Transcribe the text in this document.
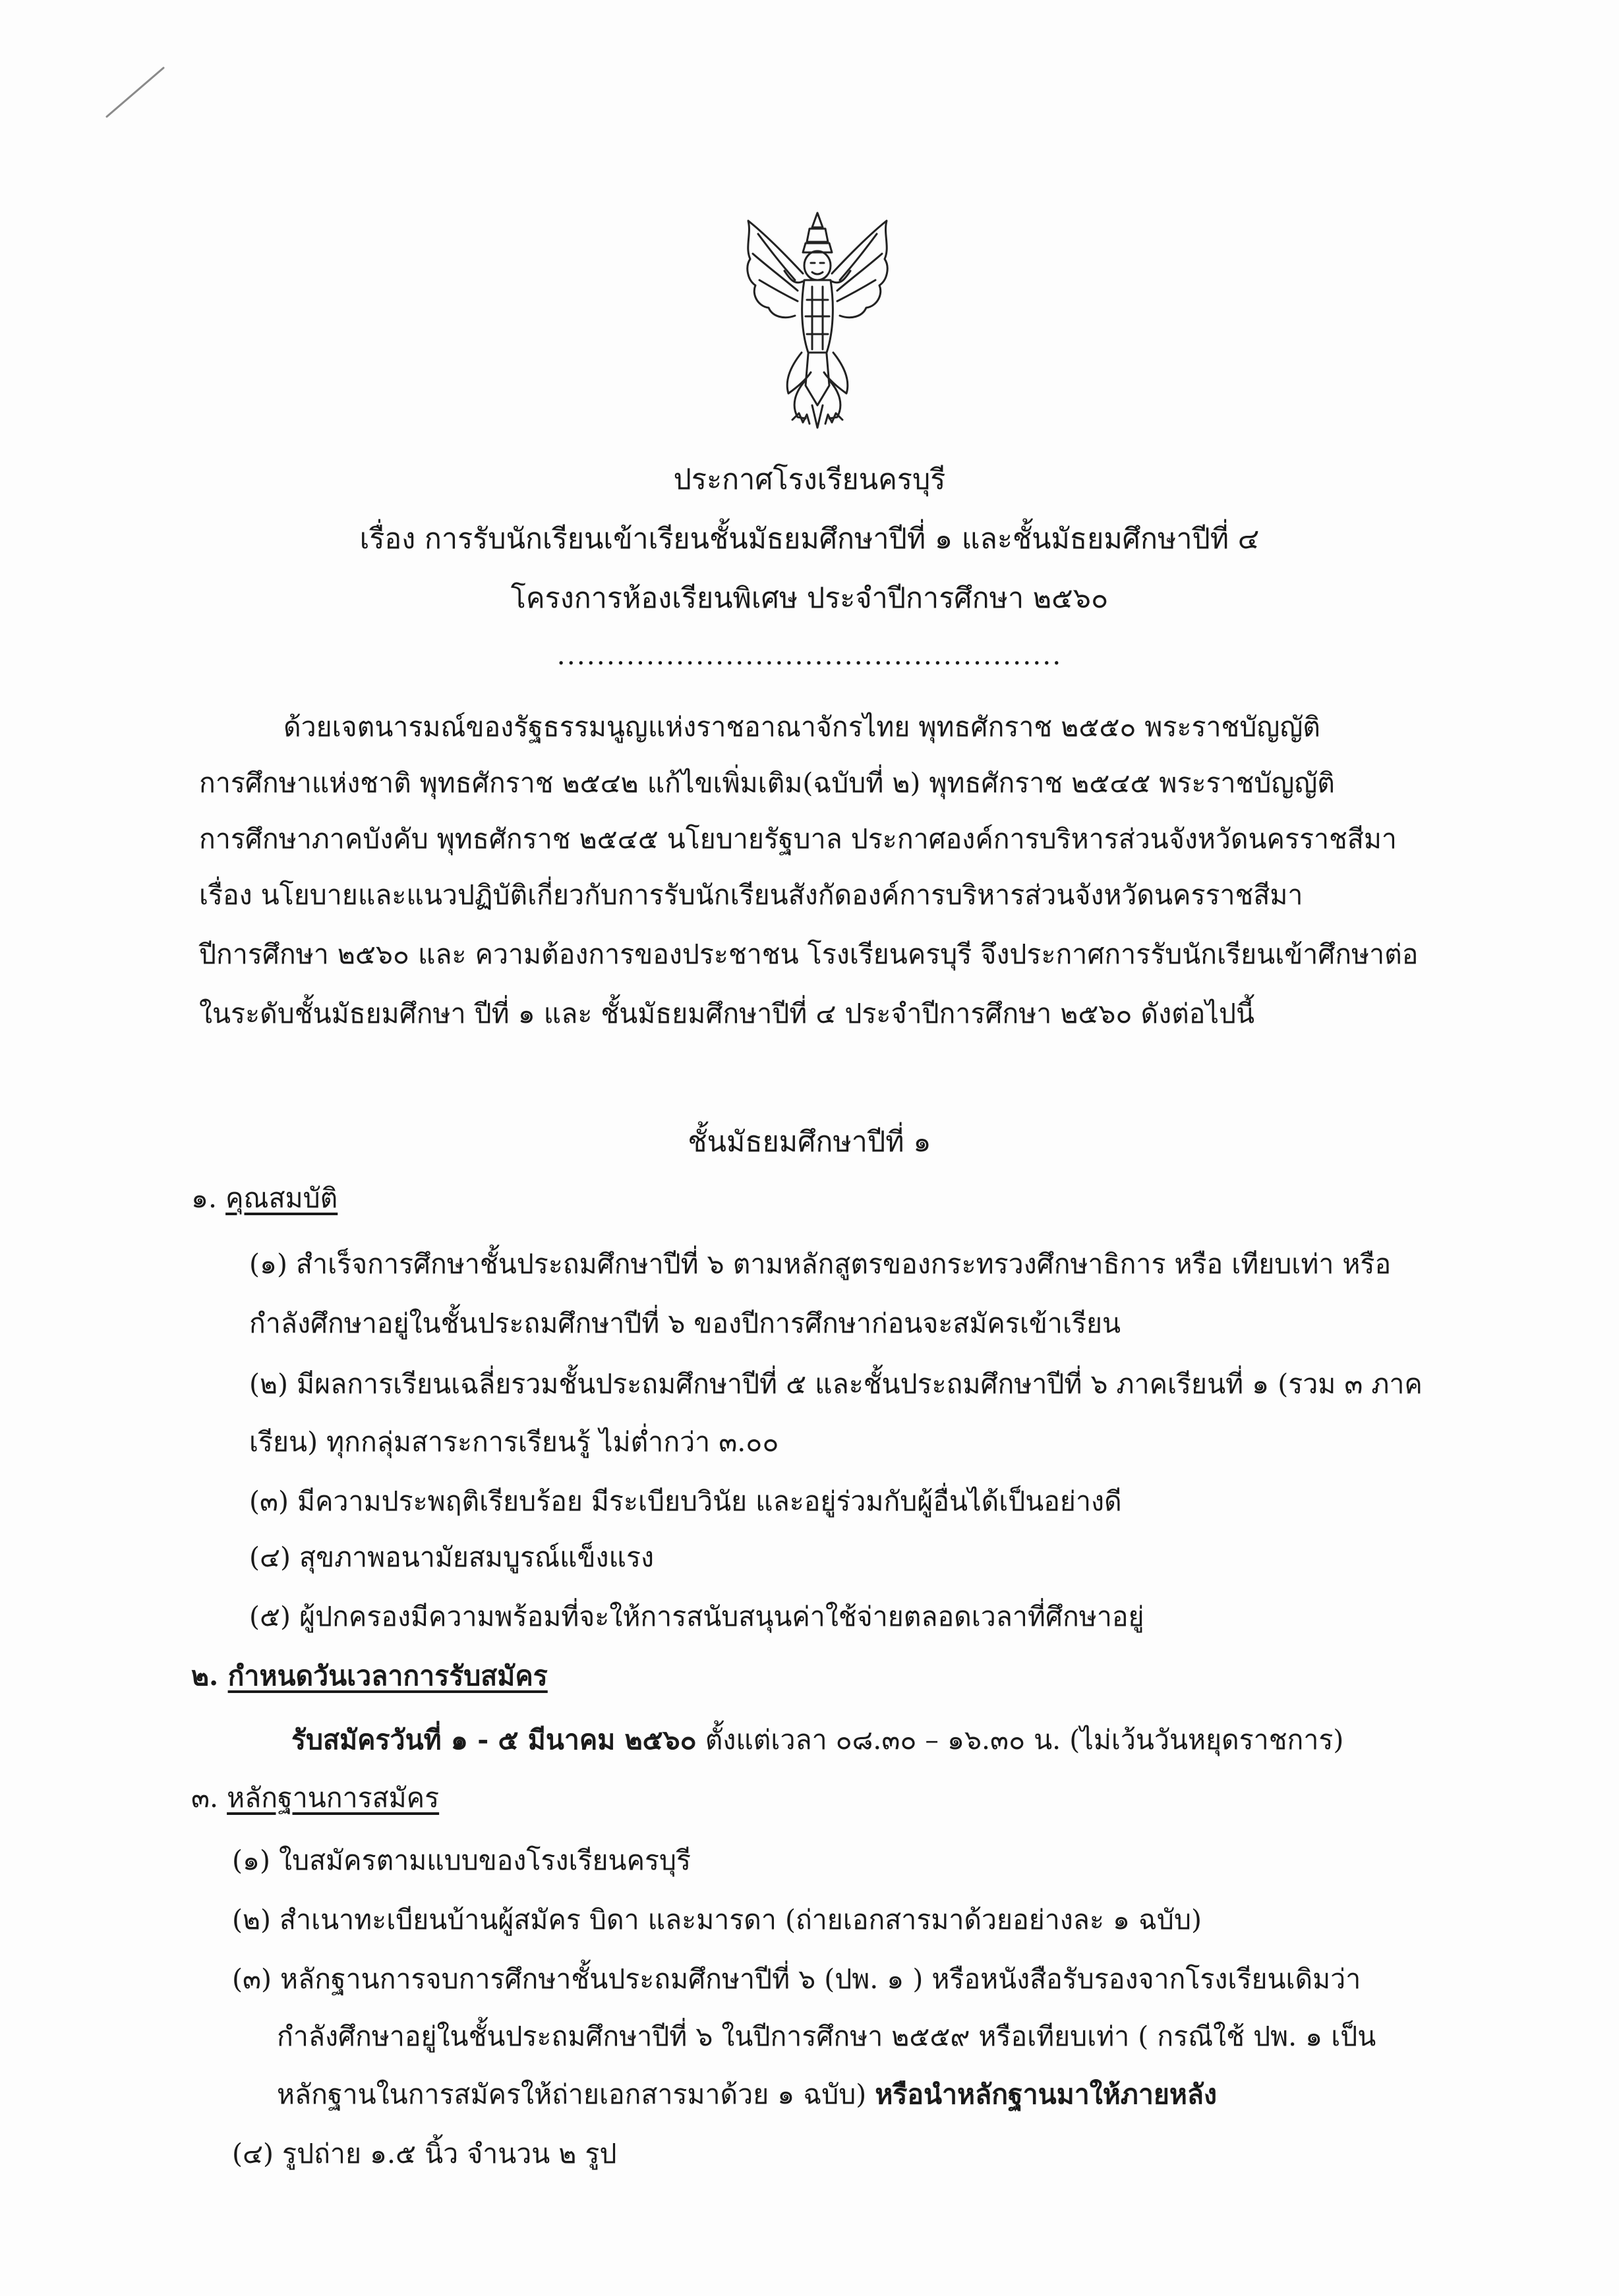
ประกาศโรงเรียนครบุรี
เรื่อง การรับนักเรียนเข้าเรียนชั้นมัธยมศึกษาปีที่ ๑ และชั้นมัธยมศึกษาปีที่ ๔
โครงการห้องเรียนพิเศษ ประจำปีการศึกษา ๒๕๖๐
...................................................
ด้วยเจตนารมณ์ของรัฐธรรมนูญแห่งราชอาณาจักรไทย พุทธศักราช ๒๕๕๐ พระราชบัญญัติ
การศึกษาแห่งชาติ พุทธศักราช ๒๕๔๒ แก้ไขเพิ่มเติม(ฉบับที่ ๒) พุทธศักราช ๒๕๔๕ พระราชบัญญัติ
การศึกษาภาคบังคับ พุทธศักราช ๒๕๔๕ นโยบายรัฐบาล ประกาศองค์การบริหารส่วนจังหวัดนครราชสีมา
เรื่อง นโยบายและแนวปฏิบัติเกี่ยวกับการรับนักเรียนสังกัดองค์การบริหารส่วนจังหวัดนครราชสีมา
ปีการศึกษา ๒๕๖๐ และ ความต้องการของประชาชน โรงเรียนครบุรี จึงประกาศการรับนักเรียนเข้าศึกษาต่อ
ในระดับชั้นมัธยมศึกษา ปีที่ ๑ และ ชั้นมัธยมศึกษาปีที่ ๔ ประจำปีการศึกษา ๒๕๖๐ ดังต่อไปนี้
ชั้นมัธยมศึกษาปีที่ ๑
๑. คุณสมบัติ
(๑) สำเร็จการศึกษาชั้นประถมศึกษาปีที่ ๖ ตามหลักสูตรของกระทรวงศึกษาธิการ หรือ เทียบเท่า หรือ
กำลังศึกษาอยู่ในชั้นประถมศึกษาปีที่ ๖ ของปีการศึกษาก่อนจะสมัครเข้าเรียน
(๒) มีผลการเรียนเฉลี่ยรวมชั้นประถมศึกษาปีที่ ๕ และชั้นประถมศึกษาปีที่ ๖ ภาคเรียนที่ ๑ (รวม ๓ ภาค
เรียน) ทุกกลุ่มสาระการเรียนรู้ ไม่ต่ำกว่า ๓.๐๐
(๓) มีความประพฤติเรียบร้อย มีระเบียบวินัย และอยู่ร่วมกับผู้อื่นได้เป็นอย่างดี
(๔) สุขภาพอนามัยสมบูรณ์แข็งแรง
(๕) ผู้ปกครองมีความพร้อมที่จะให้การสนับสนุนค่าใช้จ่ายตลอดเวลาที่ศึกษาอยู่
๒. กำหนดวันเวลาการรับสมัคร
รับสมัครวันที่ ๑ - ๕ มีนาคม ๒๕๖๐ ตั้งแต่เวลา ๐๘.๓๐ – ๑๖.๓๐ น. (ไม่เว้นวันหยุดราชการ)
๓. หลักฐานการสมัคร
(๑) ใบสมัครตามแบบของโรงเรียนครบุรี
(๒) สำเนาทะเบียนบ้านผู้สมัคร บิดา และมารดา (ถ่ายเอกสารมาด้วยอย่างละ ๑ ฉบับ)
(๓) หลักฐานการจบการศึกษาชั้นประถมศึกษาปีที่ ๖ (ปพ. ๑ ) หรือหนังสือรับรองจากโรงเรียนเดิมว่า
กำลังศึกษาอยู่ในชั้นประถมศึกษาปีที่ ๖ ในปีการศึกษา ๒๕๕๙ หรือเทียบเท่า ( กรณีใช้ ปพ. ๑ เป็น
หลักฐานในการสมัครให้ถ่ายเอกสารมาด้วย ๑ ฉบับ) หรือนำหลักฐานมาให้ภายหลัง
(๔) รูปถ่าย ๑.๕ นิ้ว จำนวน ๒ รูป
